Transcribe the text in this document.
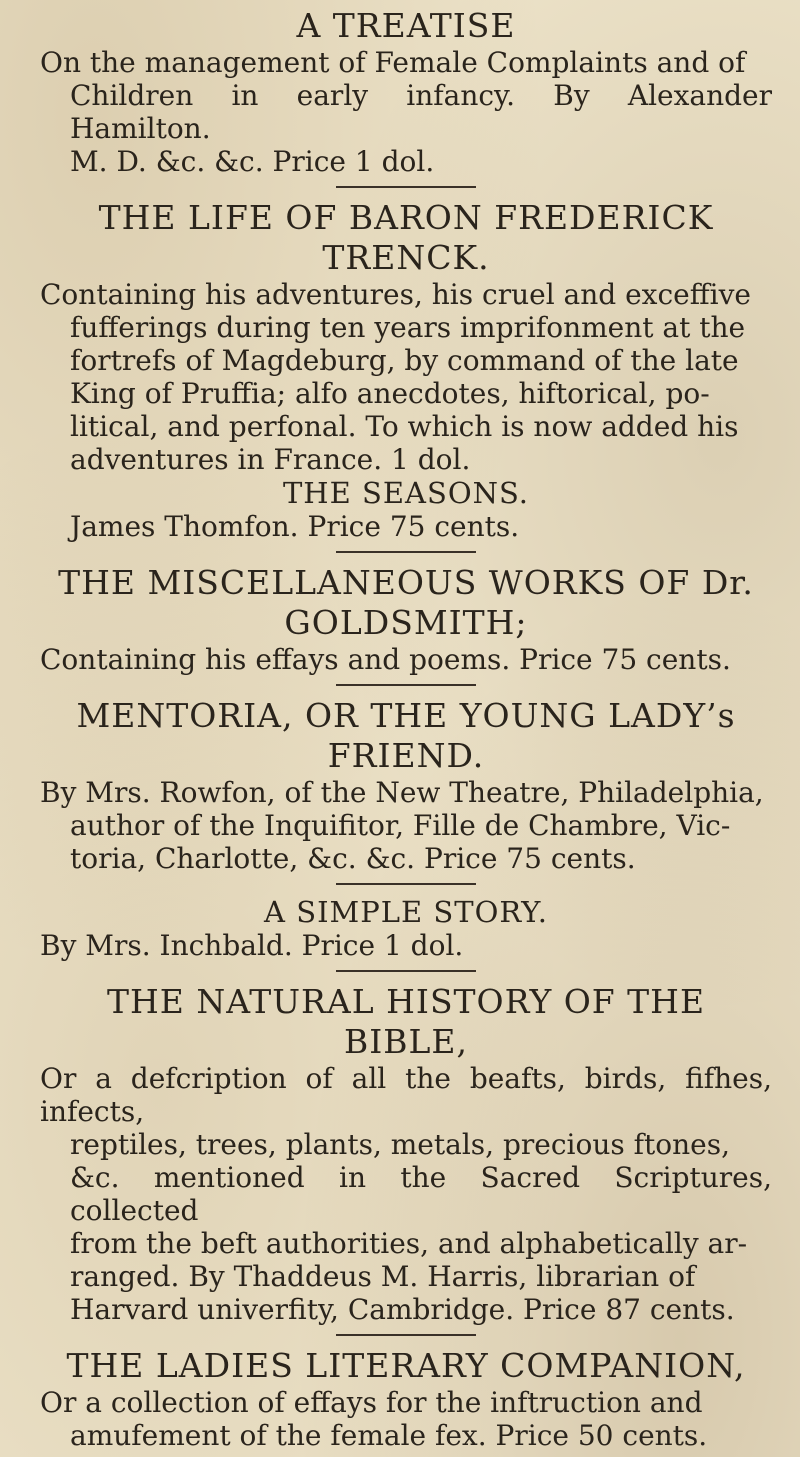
A TREATISE

On the management of Female Complaints and of

Children in early infancy. By Alexander Hamilton.

M. D. &c. &c. Price 1 dol.

THE LIFE OF BARON FREDERICK
TRENCK.

Containing his adventures, his cruel and exceffive

fufferings during ten years imprifonment at the

fortrefs of Magdeburg, by command of the late

King of Pruffia; alfo anecdotes, hiftorical, po-

litical, and perfonal. To which is now added his

adventures in France. 1 dol.

THE SEASONS.

James Thomfon. Price 75 cents.

THE MISCELLANEOUS WORKS OF Dr.
GOLDSMITH;

Containing his effays and poems. Price 75 cents.

MENTORIA, OR THE YOUNG LADY’s
FRIEND.

By Mrs. Rowfon, of the New Theatre, Philadelphia,

author of the Inquifitor, Fille de Chambre, Vic-

toria, Charlotte, &c. &c. Price 75 cents.

A SIMPLE STORY.

By Mrs. Inchbald. Price 1 dol.

THE NATURAL HISTORY OF THE
BIBLE,

Or a defcription of all the beafts, birds, fifhes, infects,

reptiles, trees, plants, metals, precious ftones,

&c. mentioned in the Sacred Scriptures, collected

from the beft authorities, and alphabetically ar-

ranged. By Thaddeus M. Harris, librarian of

Harvard univerfity, Cambridge. Price 87 cents.

THE LADIES LITERARY COMPANION,

Or a collection of effays for the inftruction and

amufement of the female fex. Price 50 cents.
